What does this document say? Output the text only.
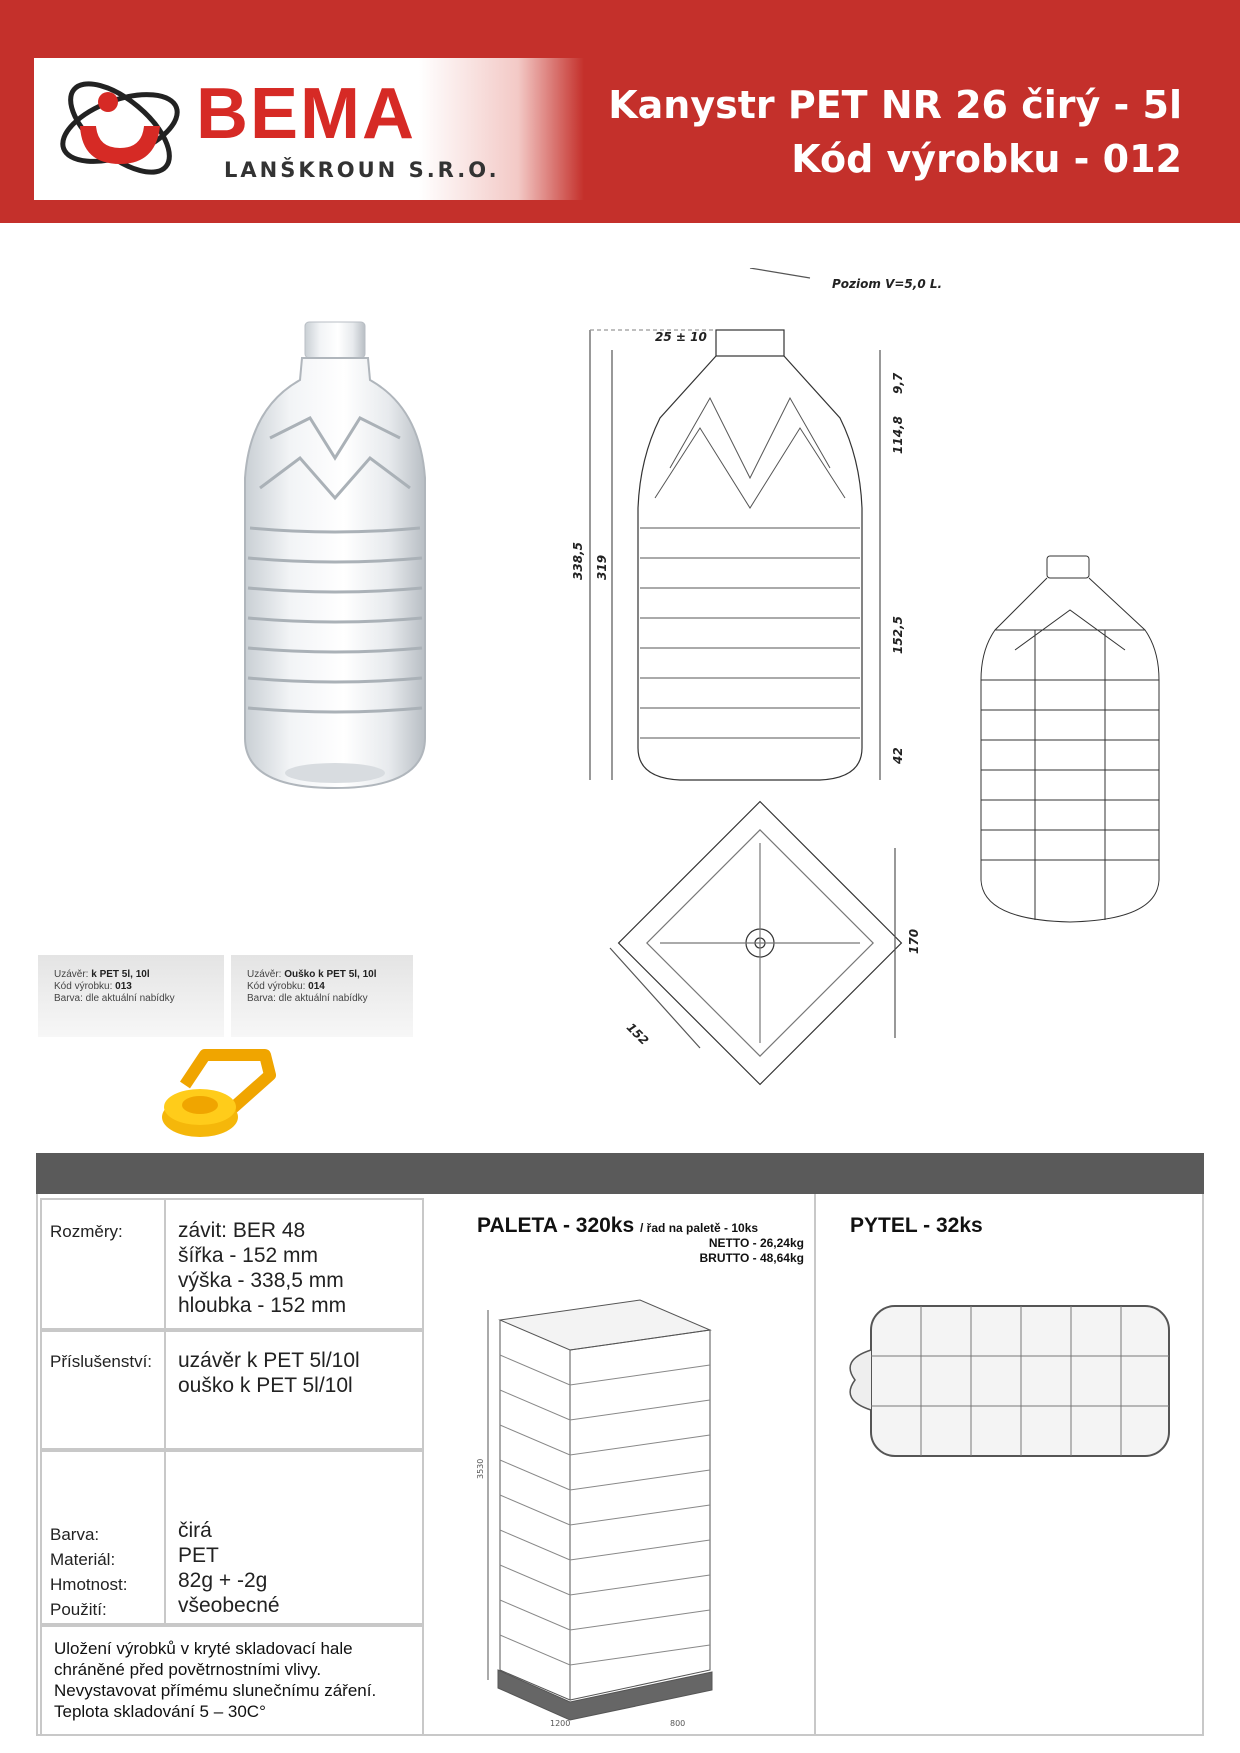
BEMA
LANŠKROUN S.R.O.
Kanystr PET NR 26 čirý - 5l
Kód výrobku - 012
Poziom V=5,0 L.
25 ± 10
338,5 319
9,7
114,8
152,5
42
170
152
Uzávěr: k PET 5l, 10l
Kód výrobku: 013
Barva: dle aktuální nabídky
Uzávěr: Ouško k PET 5l, 10l
Kód výrobku: 014
Barva: dle aktuální nabídky
Rozměry:	závit: BER 48
šířka - 152 mm
výška - 338,5 mm
hloubka - 152 mm
Příslušenství: uzávěr k PET 5l/10l
ouško k PET 5l/10l
Barva:
Materiál:
Hmotnost:
Použití:
čirá
PET
82g + -2g
všeobecné
Uložení výrobků v kryté skladovací hale
chráněné před povětrnostními vlivy.
Nevystavovat přímému slunečnímu záření.
Teplota skladování 5 – 30C°
PALETA - 320ks / řad na paletě - 10ks
NETTO - 26,24kg
BRUTTO - 48,64kg
3530
1200	800
PYTEL - 32ks
